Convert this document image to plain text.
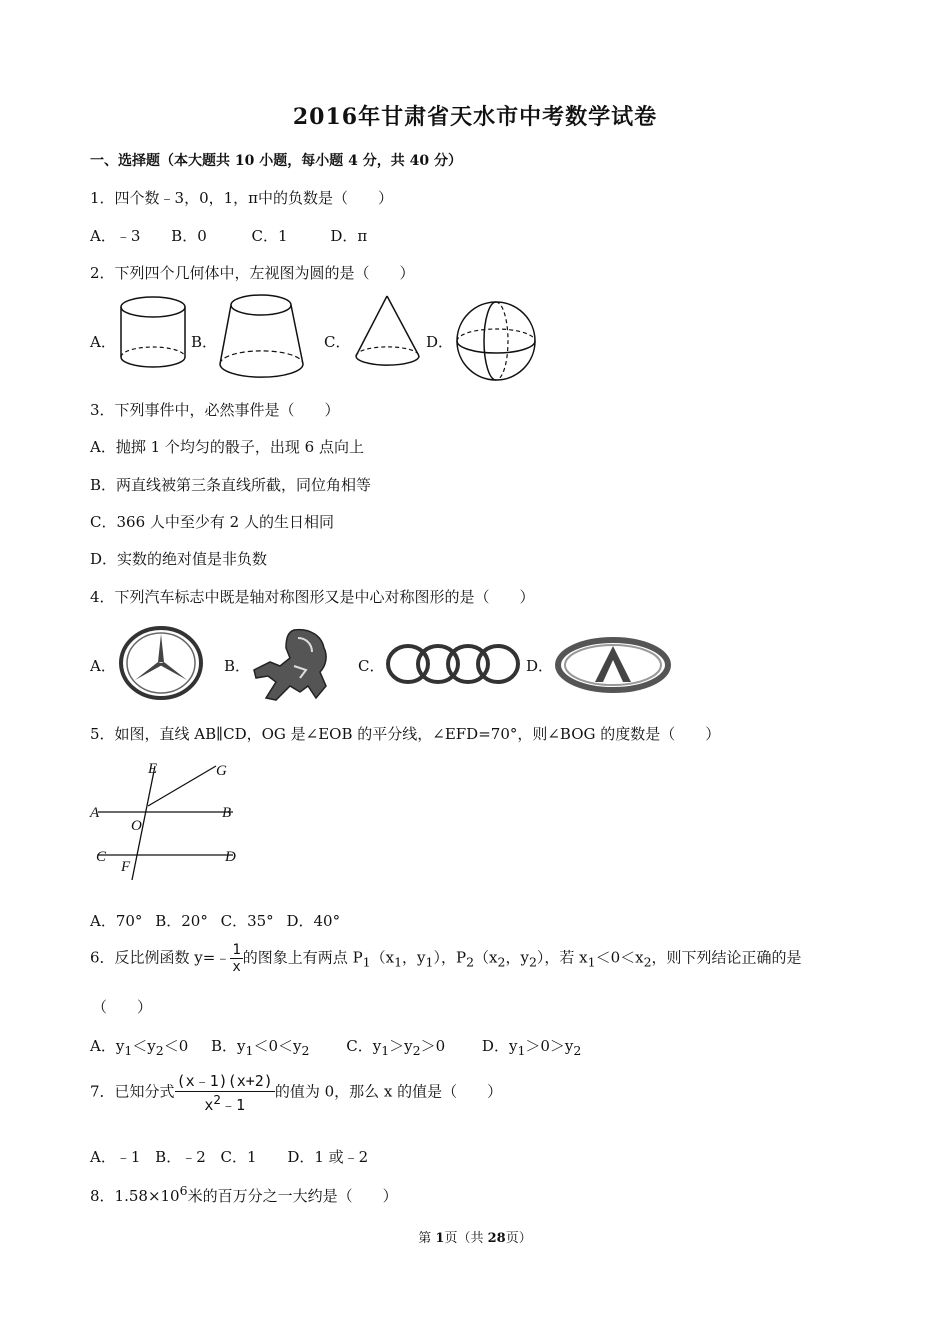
2016年甘肃省天水市中考数学试卷
一、选择题（本大题共 10 小题，每小题 4 分，共 40 分）
1．四个数﹣3，0，1，π中的负数是（　　）
A．﹣3 B．0	C．1	D．π
2．下列四个几何体中，左视图为圆的是（　　）
A．	B．	C．	D．
3．下列事件中，必然事件是（　　）
A．抛掷 1 个均匀的骰子，出现 6 点向上
B．两直线被第三条直线所截，同位角相等
C．366 人中至少有 2 人的生日相同
D．实数的绝对值是非负数
4．下列汽车标志中既是轴对称图形又是中心对称图形的是（　　）
A．	B．	C．	D．
5．如图，直线 AB∥CD，OG 是∠EOB 的平分线，∠EFD=70°，则∠BOG 的度数是（　　）
E	G
A	B
O
C	D
F
A．70° B．20° C．35° D．40°
6．反比例函数 y=﹣ $\frac{1}{x}$ 的图象上有两点 $P_1(x_1$，$y_1$），$P_2(x_2$，$y_2$），若 $x_1<0<x_2$，则下列结论正确的是
（　　）
A．$y_1<y_2<0$ B．$y_1<0<y_2$ C．$y_1>y_2>0$ D．$y_1>0>y_2$
7．已知分式 $\frac{(x﹣1)(x+2)}{x^2﹣1}$ 的值为 0，那么 x 的值是（　　）
A．﹣1 B．﹣2 C．1 D．1 或﹣2
8．$1.58\times 10^6$米的百万分之一大约是（　　）
第 1页（共 28页）
